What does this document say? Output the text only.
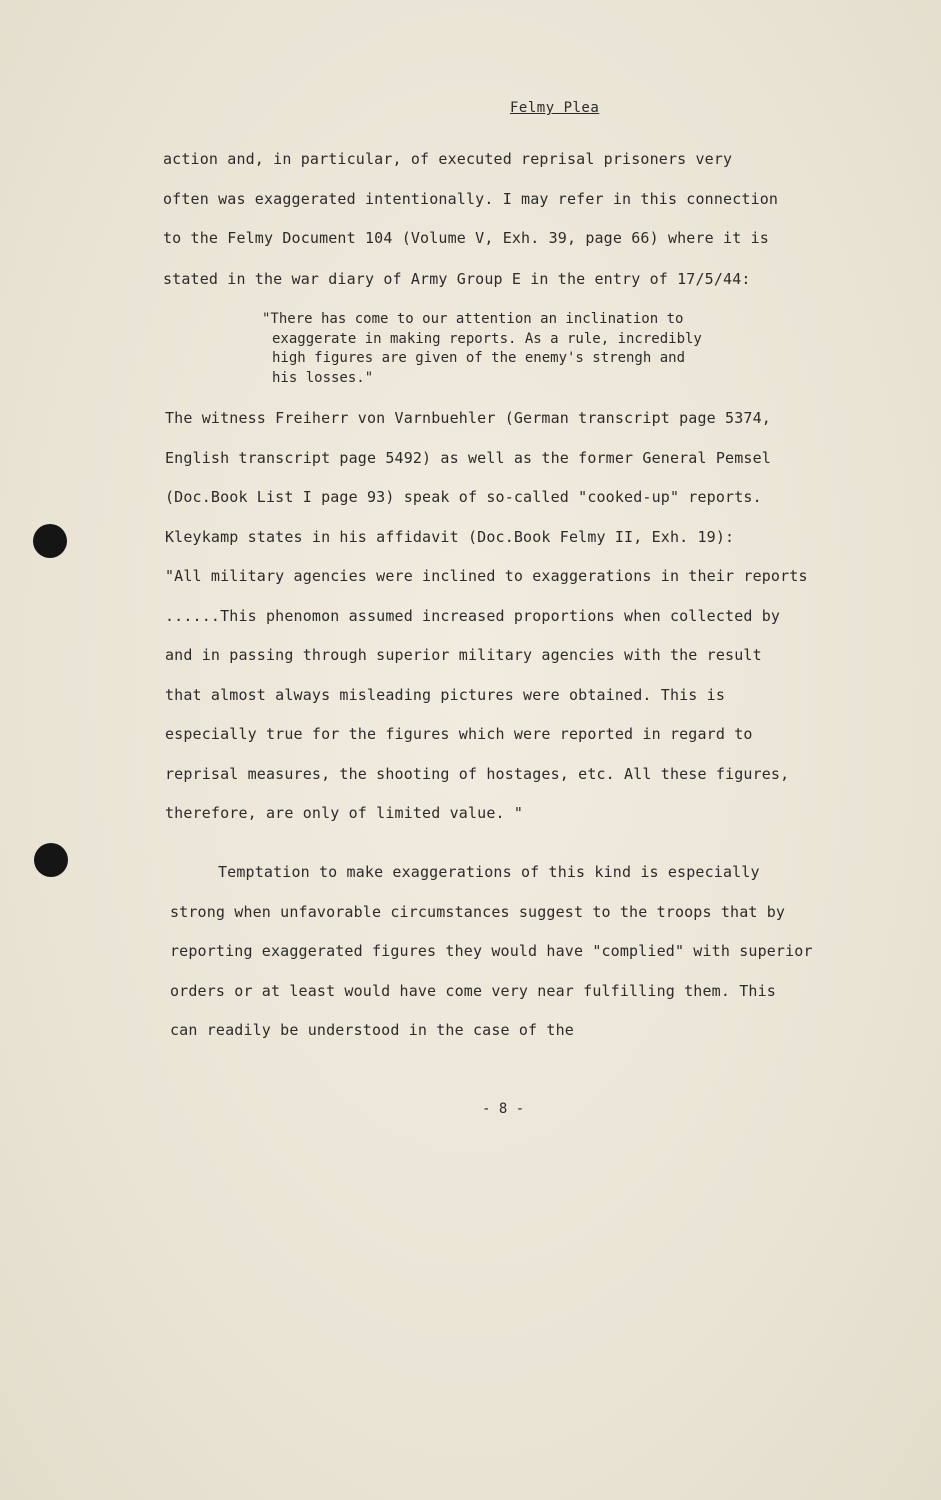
Felmy Plea
action and, in particular, of executed reprisal prisoners very
often was exaggerated intentionally. I may refer in this connection
to the Felmy Document 104 (Volume V, Exh. 39, page 66) where it is
stated in the war diary of Army Group E in the entry of 17/5/44:
"There has come to our attention an inclination to
exaggerate in making reports. As a rule, incredibly
high figures are given of the enemy's strengh and
his losses."
The witness Freiherr von Varnbuehler (German transcript page 5374,
English transcript page 5492) as well as the former General Pemsel
(Doc.Book List I page 93) speak of so-called "cooked-up" reports.
Kleykamp states in his affidavit (Doc.Book Felmy II, Exh. 19):
"All military agencies were inclined to exaggerations in their reports
......This phenomon assumed increased proportions when collected by
and in passing through superior military agencies with the result
that almost always misleading pictures were obtained. This is
especially true for the figures which were reported in regard to
reprisal measures, the shooting of hostages, etc. All these figures,
therefore, are only of limited value. "
Temptation to make exaggerations of this kind is especially
strong when unfavorable circumstances suggest to the troops that by
reporting exaggerated figures they would have "complied" with superior
orders or at least would have come very near fulfilling them. This
can readily be understood in the case of the
- 8 -
